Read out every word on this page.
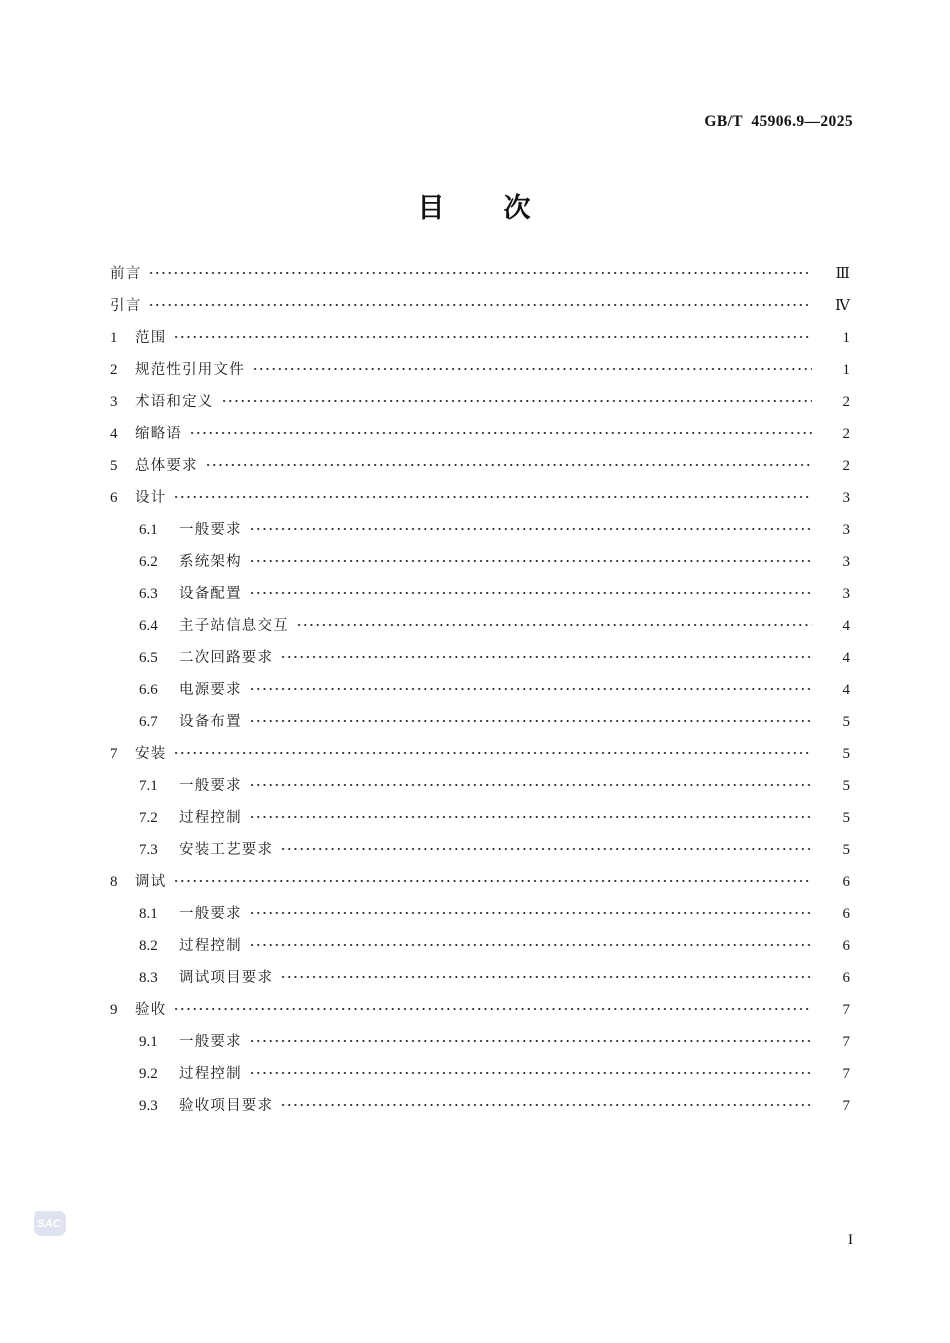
GB/T  45906.9—2025
目     次
前言	Ⅲ
引言	Ⅳ
1	范围	1
2	规范性引用文件	1
3	术语和定义	2
4	缩略语	2
5	总体要求	2
6	设计	3
6.1	一般要求	3
6.2	系统架构	3
6.3	设备配置	3
6.4	主子站信息交互	4
6.5	二次回路要求	4
6.6	电源要求	4
6.7	设备布置	5
7	安装	5
7.1	一般要求	5
7.2	过程控制	5
7.3	安装工艺要求	5
8	调试	6
8.1	一般要求	6
8.2	过程控制	6
8.3	调试项目要求	6
9	验收	7
9.1	一般要求	7
9.2	过程控制	7
9.3	验收项目要求	7
SAC
I
